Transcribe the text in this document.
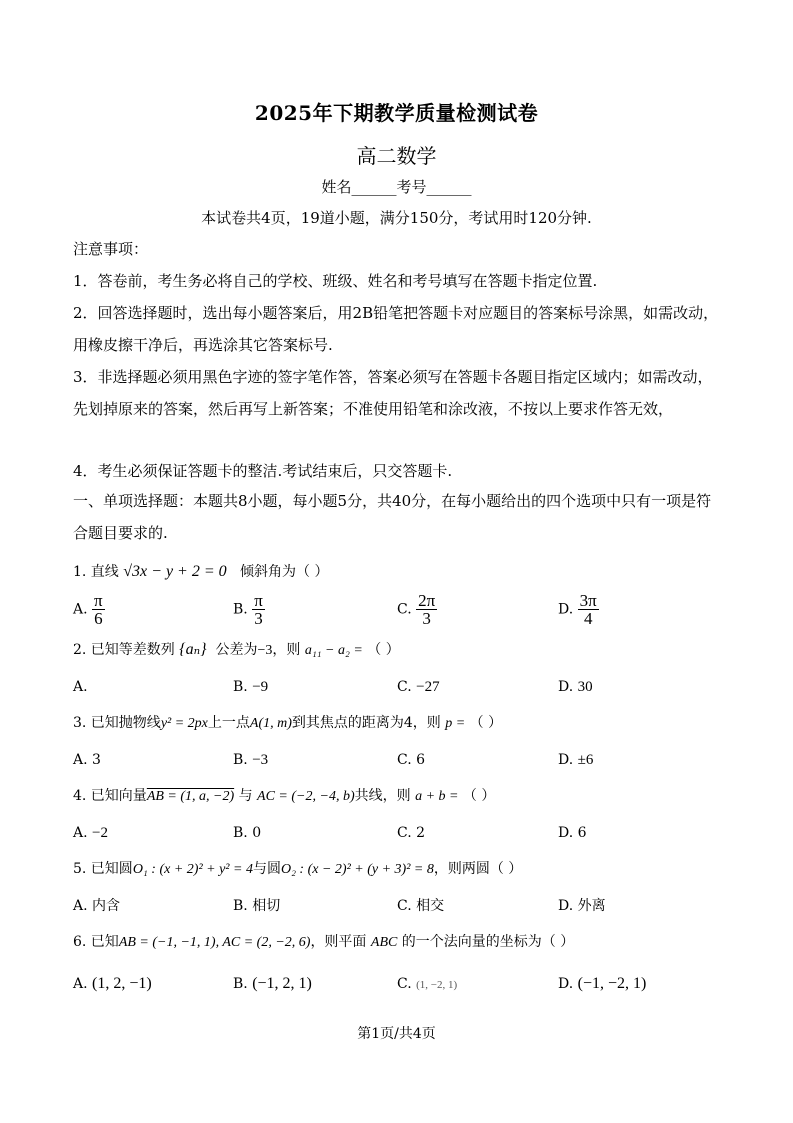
2025年下期教学质量检测试卷
高二数学
姓名______考号______
本试卷共4页，19道小题，满分150分，考试用时120分钟.
注意事项：
1．答卷前，考生务必将自己的学校、班级、姓名和考号填写在答题卡指定位置.
2．回答选择题时，选出每小题答案后，用2B铅笔把答题卡对应题目的答案标号涂黑，如需改动，用橡皮擦干净后，再选涂其它答案标号.
3．非选择题必须用黑色字迹的签字笔作答，答案必须写在答题卡各题目指定区域内；如需改动，先划掉原来的答案，然后再写上新答案；不准使用铅笔和涂改液，不按以上要求作答无效，
4．考生必须保证答题卡的整洁.考试结束后，只交答题卡.
一、单项选择题：本题共8小题，每小题5分，共40分，在每小题给出的四个选项中只有一项是符合题目要求的.
1. 直线 √3x − y + 2 = 0 倾斜角为（ ）
A. $\frac{\pi}{6}$	B. $\frac{\pi}{3}$	C. $\frac{2\pi}{3}$	D. $\frac{3\pi}{4}$
2. 已知等差数列 {aₙ} 公差为−3，则 a₁₁ − a₂ = （ ）
A.	B. −9	C. −27	D. 30
3. 已知抛物线y² = 2px上一点A(1, m)到其焦点的距离为4，则 p = （ ）
A. 3	B. −3	C. 6	D. ±6
4. 已知向量AB = (1, a, −2) 与 AC = (−2, −4, b)共线，则 a + b = （ ）
A. −2	B. 0	C. 2	D. 6
5. 已知圆O₁ : (x + 2)² + y² = 4与圆O₂ : (x − 2)² + (y + 3)² = 8，则两圆（ ）
A. 内含	B. 相切	C. 相交	D. 外离
6. 已知AB = (−1, −1, 1), AC = (2, −2, 6)，则平面 ABC 的一个法向量的坐标为（ ）
A. (1, 2, −1)	B. (−1, 2, 1)	C. (1, −2, 1)	D. (−1, −2, 1)
第1页/共4页
